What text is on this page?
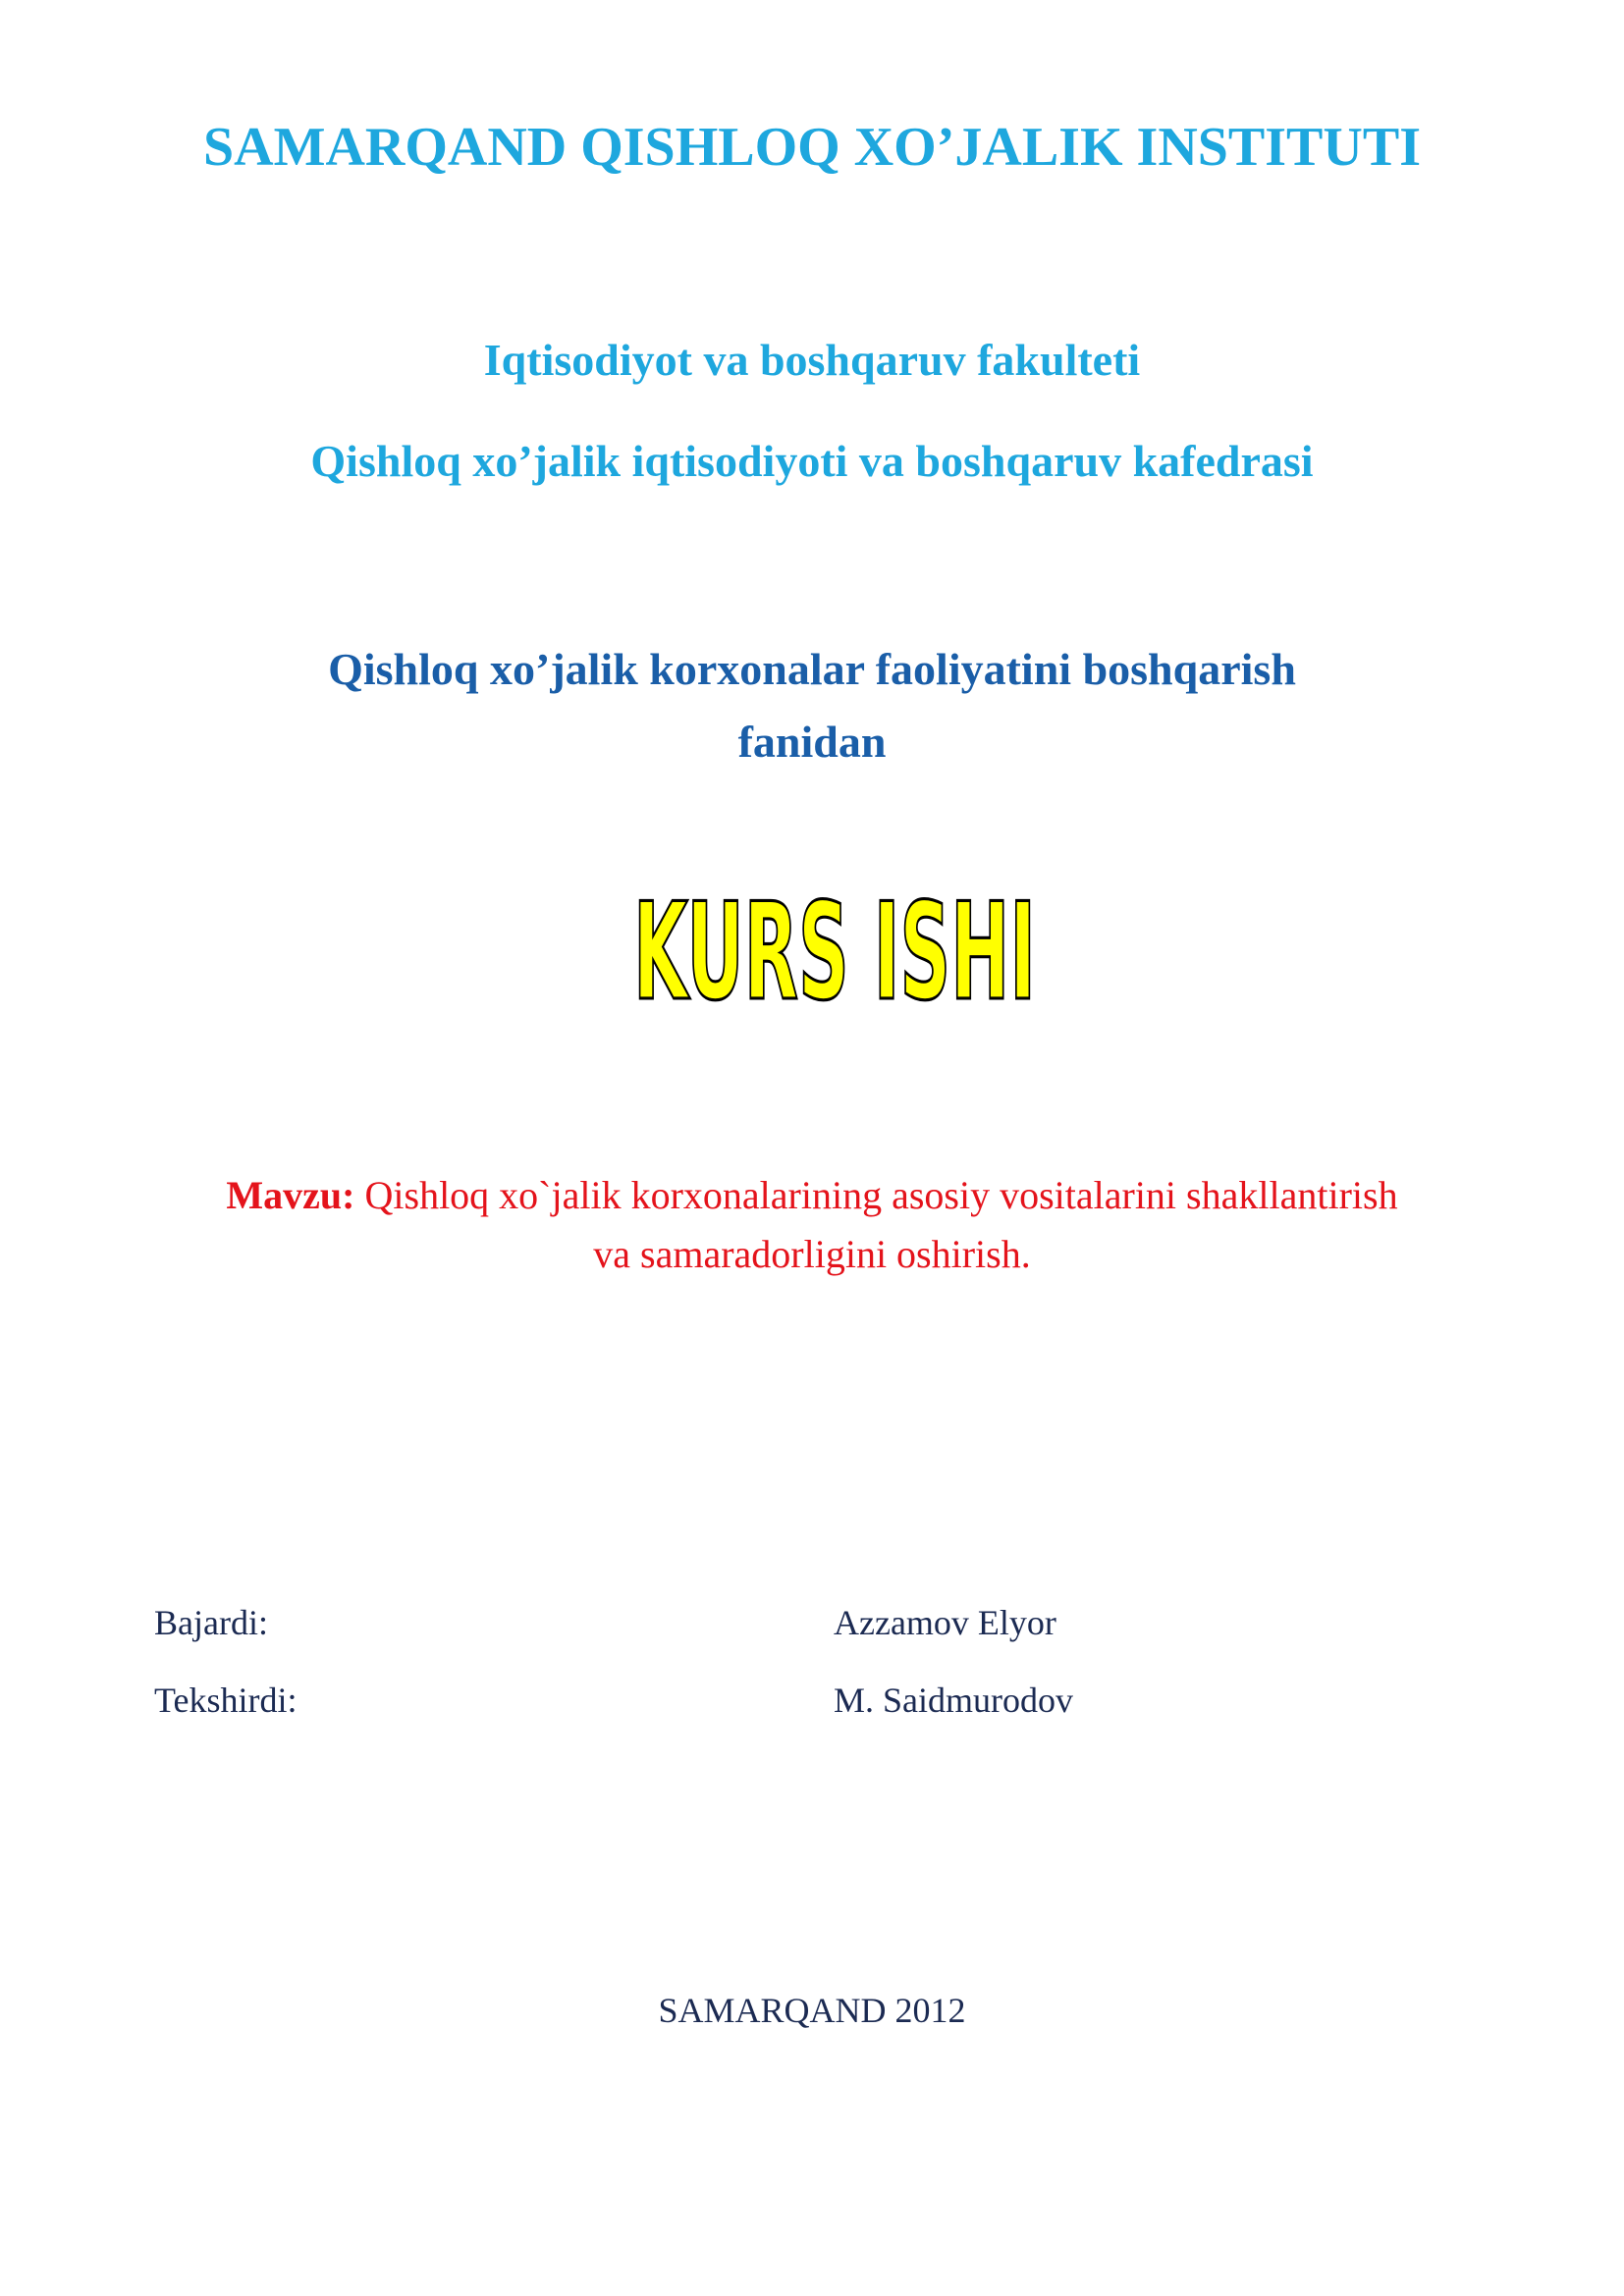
SAMARQAND QISHLOQ XO’JALIK INSTITUTI
Iqtisodiyot va boshqaruv fakulteti
Qishloq xo’jalik iqtisodiyoti va boshqaruv kafedrasi
Qishloq xo’jalik korxonalar faoliyatini boshqarish
fanidan
KURS ISHI
Mavzu: Qishloq xo`jalik korxonalarining asosiy vositalarini shakllantirish
va samaradorligini oshirish.
Bajardi:	Azzamov Elyor
Tekshirdi:	M. Saidmurodov
SAMARQAND 2012
